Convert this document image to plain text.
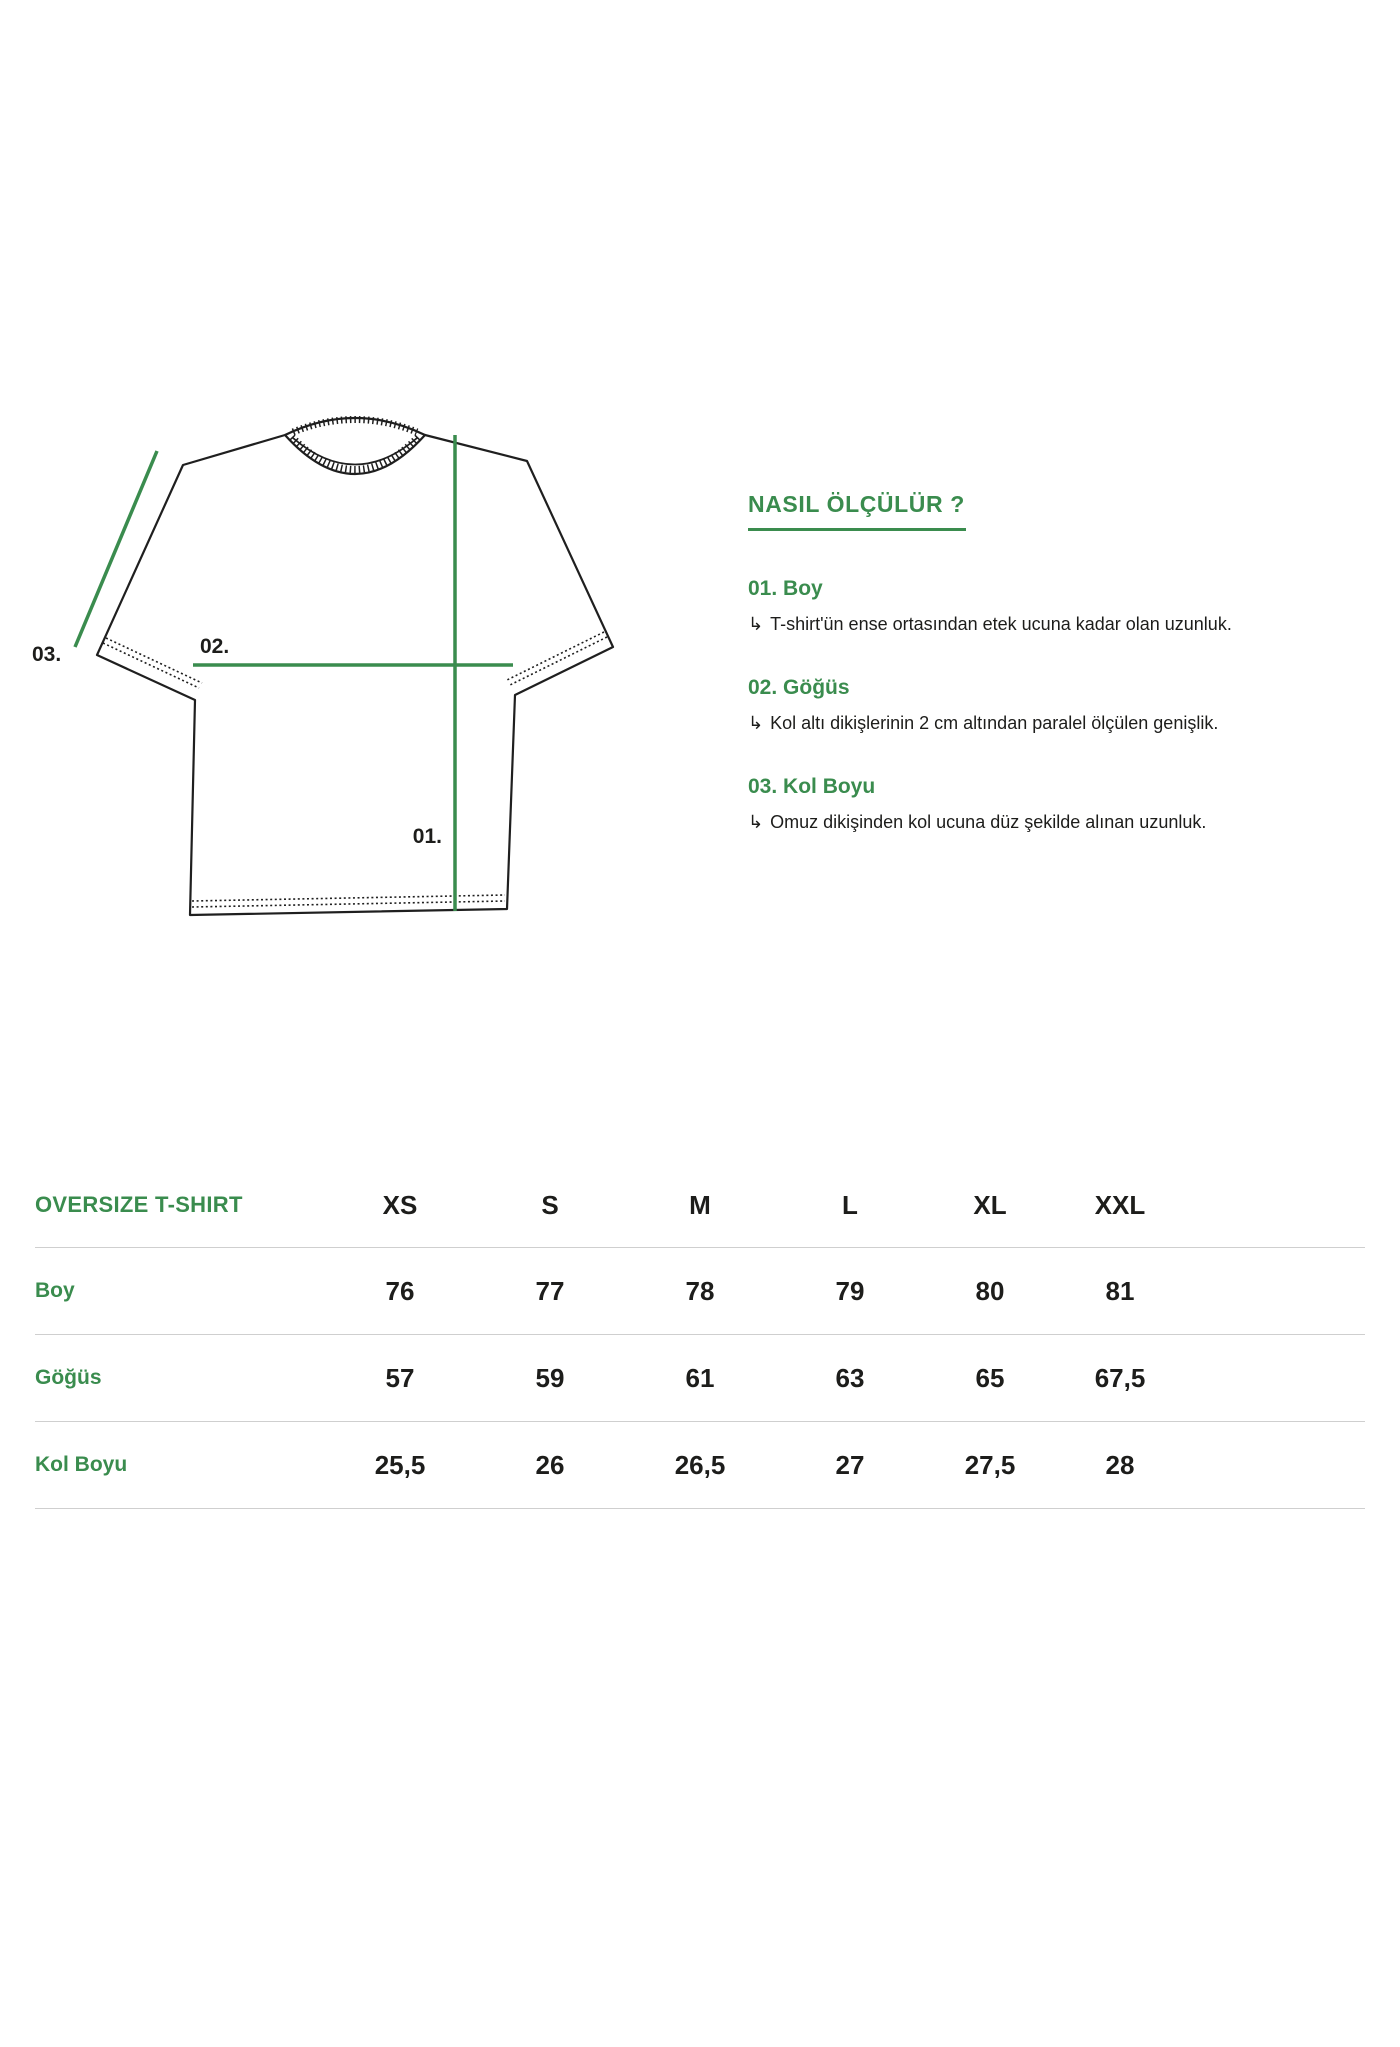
01.
02.
03.
NASIL ÖLÇÜLÜR ?
01. Boy
↳ T-shirt'ün ense ortasından etek ucuna kadar olan uzunluk.
02. Göğüs
↳ Kol altı dikişlerinin 2 cm altından paralel ölçülen genişlik.
03. Kol Boyu
↳ Omuz dikişinden kol ucuna düz şekilde alınan uzunluk.
OVERSIZE T-SHIRT	XS	S	M	L	XL	XXL
Boy	76	77	78	79	80	81
Göğüs	57	59	61	63	65	67,5
Kol Boyu	25,5	26	26,5	27	27,5	28
